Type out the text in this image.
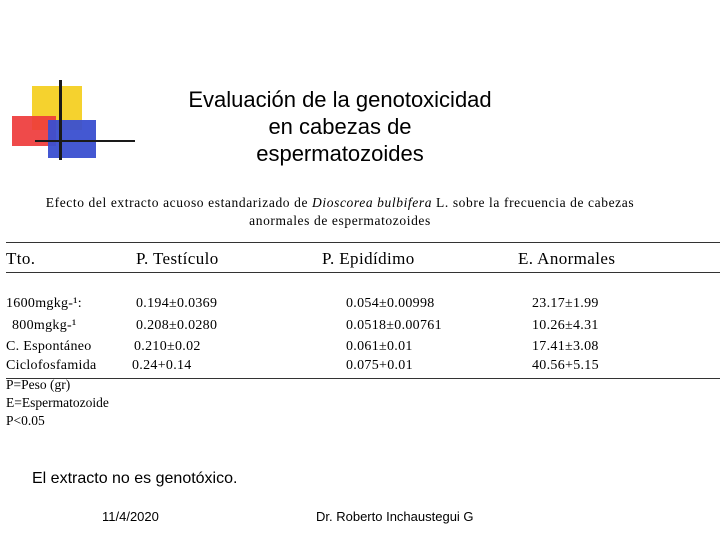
Evaluación de la genotoxicidad
en cabezas de
espermatozoides
Efecto del extracto acuoso estandarizado de Dioscorea bulbifera L. sobre la frecuencia de cabezas
anormales de espermatozoides
Tto.	P. Testículo	P. Epidídimo	E. Anormales
1600mgkg-¹:	0.194±0.0369	0.054±0.00998	23.17±1.99
800mgkg-¹	0.208±0.0280	0.0518±0.00761	10.26±4.31
C. Espontáneo	0.210±0.02	0.061±0.01	17.41±3.08
Ciclofosfamida	0.24+0.14	0.075+0.01	40.56+5.15
P=Peso (gr)
E=Espermatozoide
P<0.05
El extracto no es genotóxico.
11/4/2020	Dr. Roberto Inchaustegui G
